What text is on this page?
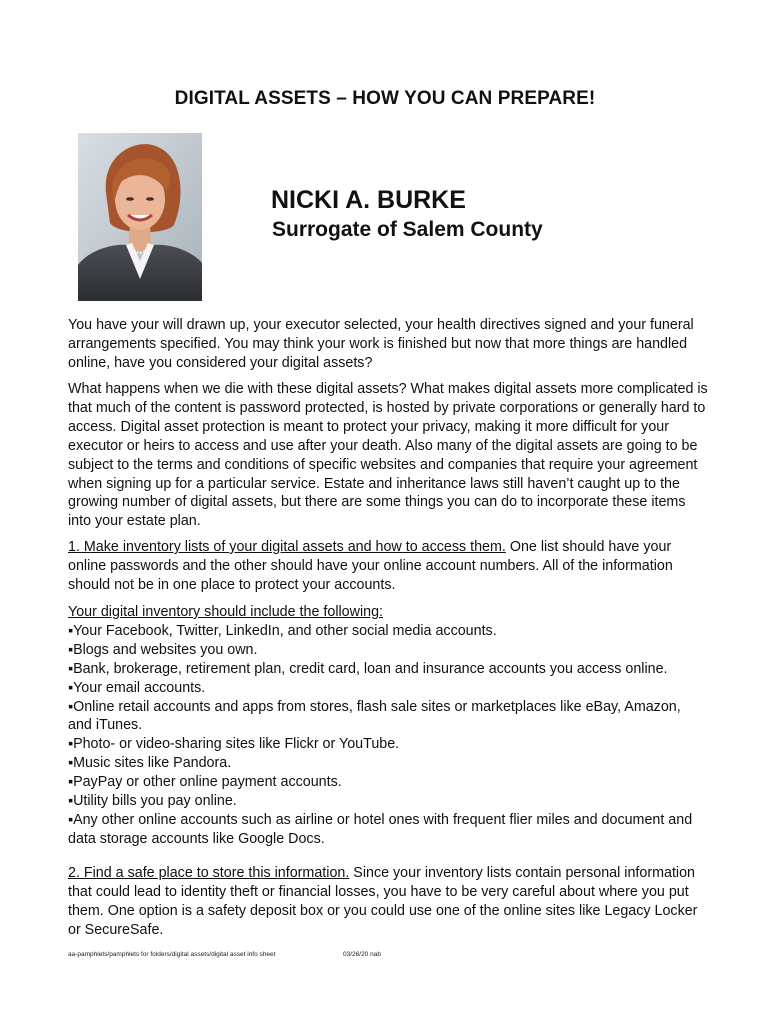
DIGITAL ASSETS – HOW YOU CAN PREPARE!
NICKI A. BURKE
Surrogate of Salem County

You have your will drawn up, your executor selected, your health directives signed and your funeral arrangements specified. You may think your work is finished but now that more things are handled online, have you considered your digital assets?

What happens when we die with these digital assets? What makes digital assets more complicated is that much of the content is password protected, is hosted by private corporations or generally hard to access. Digital asset protection is meant to protect your privacy, making it more difficult for your executor or heirs to access and use after your death. Also many of the digital assets are going to be subject to the terms and conditions of specific websites and companies that require your agreement when signing up for a particular service. Estate and inheritance laws still haven’t caught up to the growing number of digital assets, but there are some things you can do to incorporate these items into your estate plan.

1. Make inventory lists of your digital assets and how to access them. One list should have your online passwords and the other should have your online account numbers. All of the information should not be in one place to protect your accounts.

Your digital inventory should include the following:
▪Your Facebook, Twitter, LinkedIn, and other social media accounts.
▪Blogs and websites you own.
▪Bank, brokerage, retirement plan, credit card, loan and insurance accounts you access online.
▪Your email accounts.
▪Online retail accounts and apps from stores, flash sale sites or marketplaces like eBay, Amazon, and iTunes.
▪Photo- or video-sharing sites like Flickr or YouTube.
▪Music sites like Pandora.
▪PayPay or other online payment accounts.
▪Utility bills you pay online.
▪Any other online accounts such as airline or hotel ones with frequent flier miles and document and data storage accounts like Google Docs.

2. Find a safe place to store this information. Since your inventory lists contain personal information that could lead to identity theft or financial losses, you have to be very careful about where you put them. One option is a safety deposit box or you could use one of the online sites like Legacy Locker or SecureSafe.

aa-pamphlets/pamphlets for folders/digital assets/digital asset info sheet	03/26/20 nab
